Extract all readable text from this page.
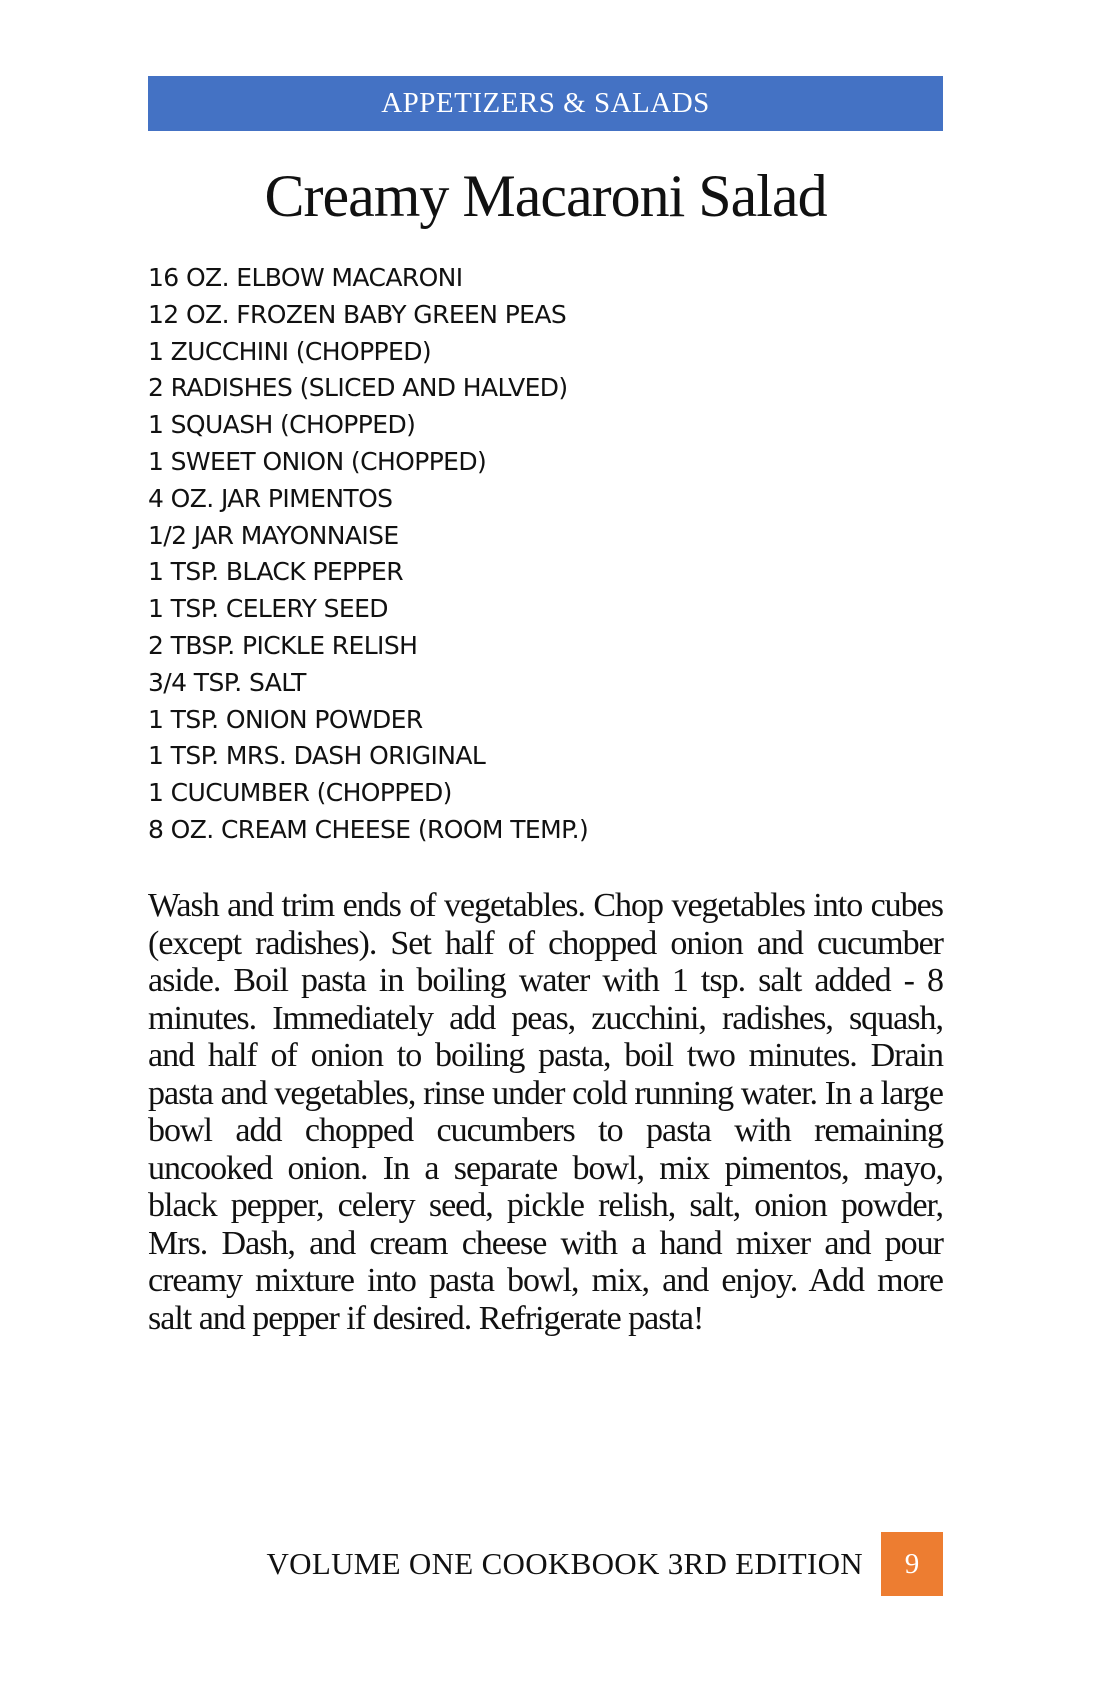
APPETIZERS & SALADS
Creamy Macaroni Salad
16 OZ. ELBOW MACARONI
12 OZ. FROZEN BABY GREEN PEAS
1 ZUCCHINI (CHOPPED)
2 RADISHES (SLICED AND HALVED)
1 SQUASH (CHOPPED)
1 SWEET ONION (CHOPPED)
4 OZ. JAR PIMENTOS
1/2 JAR MAYONNAISE
1 TSP. BLACK PEPPER
1 TSP. CELERY SEED
2 TBSP. PICKLE RELISH
3/4 TSP. SALT
1 TSP. ONION POWDER
1 TSP. MRS. DASH ORIGINAL
1 CUCUMBER (CHOPPED)
8 OZ. CREAM CHEESE (ROOM TEMP.)

Wash and trim ends of vegetables. Chop vegetables into cubes (except radishes). Set half of chopped onion and cucumber aside. Boil pasta in boiling water with 1 tsp. salt added - 8 minutes. Immediately add peas, zucchini, radishes, squash, and half of onion to boiling pasta, boil two minutes. Drain pasta and vegetables, rinse under cold running water. In a large bowl add chopped cucumbers to pasta with remaining uncooked onion. In a separate bowl, mix pimentos, mayo, black pepper, celery seed, pickle relish, salt, onion powder, Mrs. Dash, and cream cheese with a hand mixer and pour creamy mixture into pasta bowl, mix, and enjoy. Add more salt and pepper if desired. Refrigerate pasta!

VOLUME ONE COOKBOOK 3RD EDITION 9
